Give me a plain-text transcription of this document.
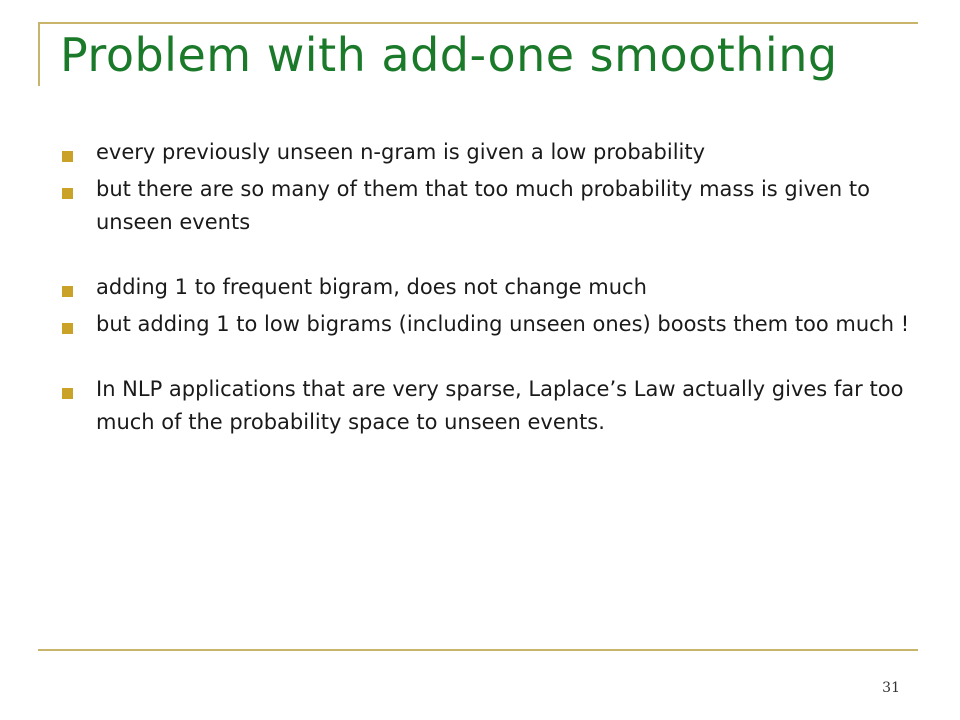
Problem with add-one smoothing
every previously unseen n-gram is given a low probability
but there are so many of them that too much probability mass is given to unseen events
adding 1 to frequent bigram, does not change much
but adding 1 to low bigrams (including unseen ones) boosts them too much !
In NLP applications that are very sparse, Laplace’s Law actually gives far too much of the probability space to unseen events.
31
